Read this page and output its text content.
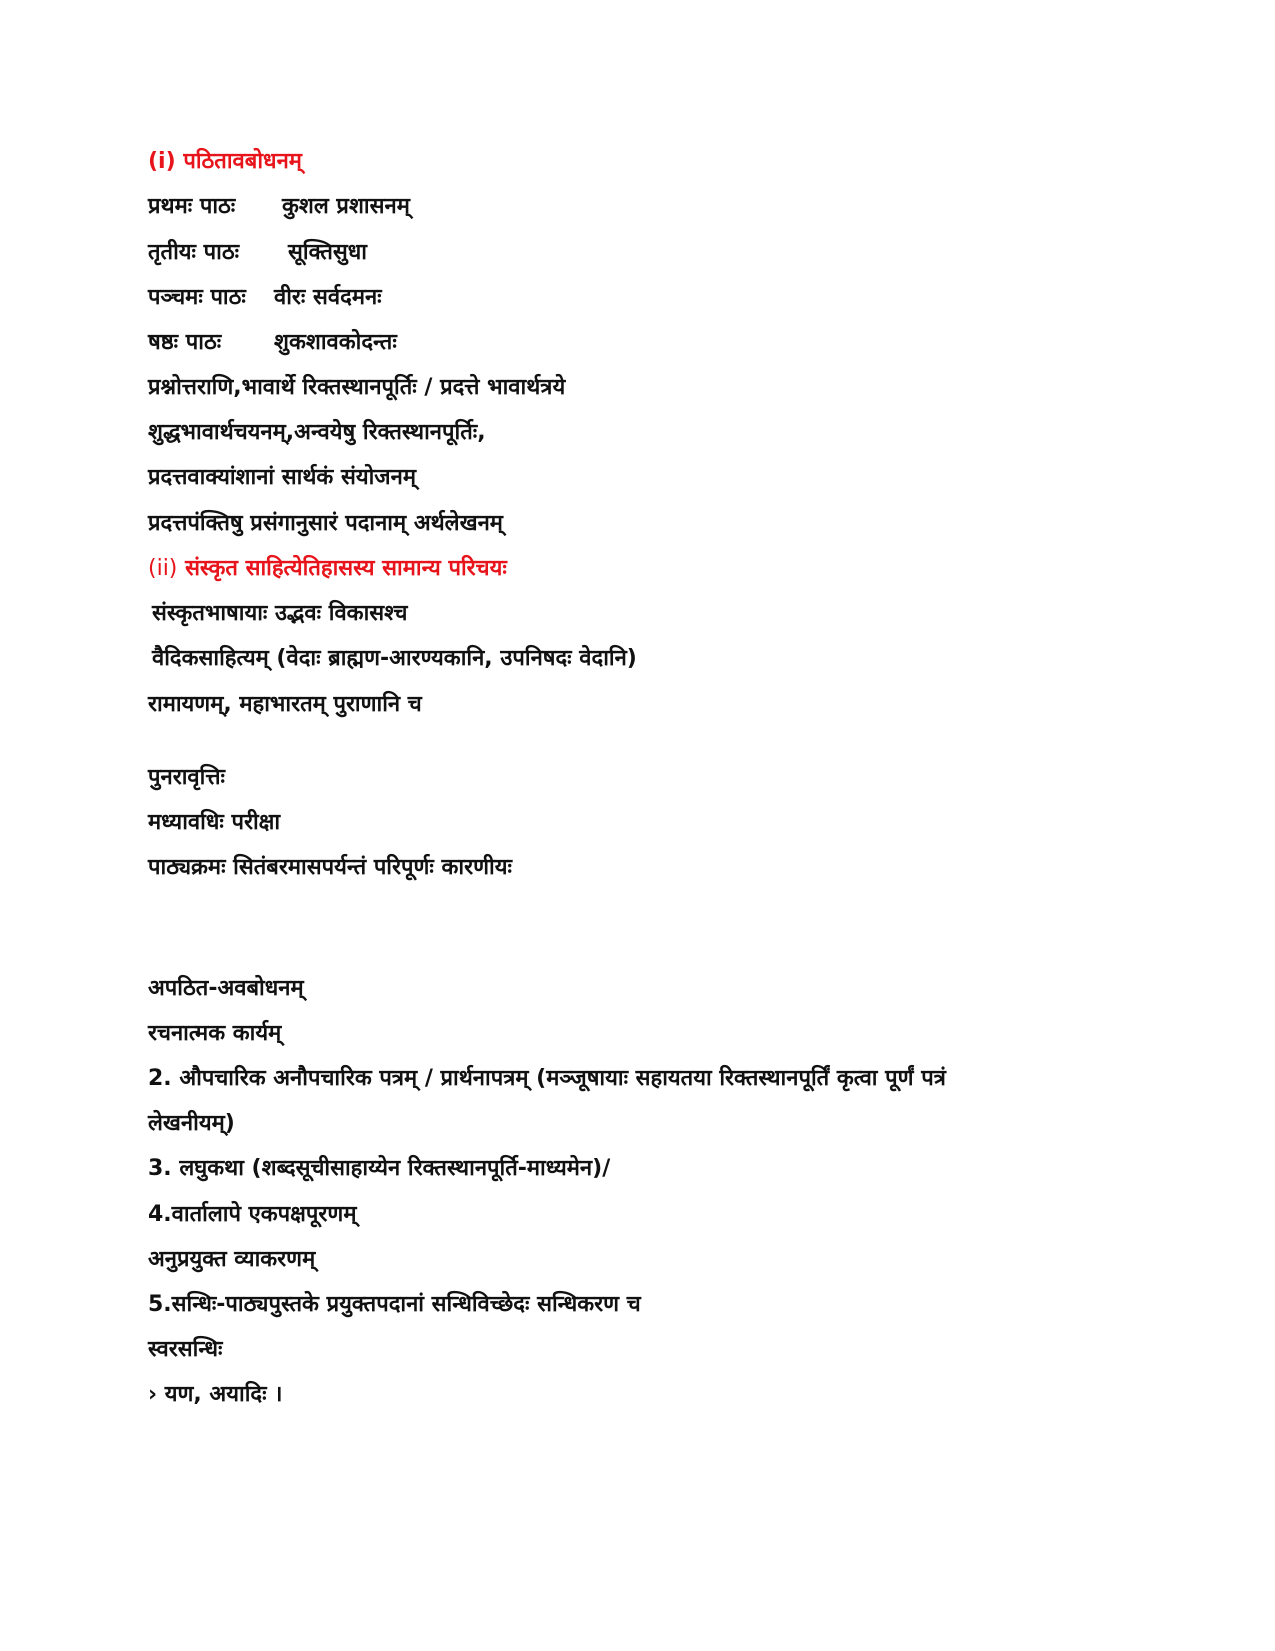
(i) पठितावबोधनम्
प्रथमः पाठः कुशल प्रशासनम्
तृतीयः पाठः सूक्तिसुधा
पञ्चमः पाठः वीरः सर्वदमनः
षष्ठः पाठः शुकशावकोदन्तः
प्रश्नोत्तराणि,भावार्थे रिक्तस्थानपूर्तिः / प्रदत्ते भावार्थत्रये
शुद्धभावार्थचयनम्,अन्वयेषु रिक्तस्थानपूर्तिः,
प्रदत्तवाक्यांशानां सार्थकं संयोजनम्
प्रदत्तपंक्तिषु प्रसंगानुसारं पदानाम् अर्थलेखनम्
(ii) संस्कृत साहित्येतिहासस्य सामान्य परिचयः
संस्कृतभाषायाः उद्भवः विकासश्च
वैदिकसाहित्यम् (वेदाः ब्राह्मण-आरण्यकानि, उपनिषदः वेदानि)
रामायणम्, महाभारतम् पुराणानि च
पुनरावृत्तिः
मध्यावधिः परीक्षा
पाठ्यक्रमः सितंबरमासपर्यन्तं परिपूर्णः कारणीयः
अपठित-अवबोधनम्
रचनात्मक कार्यम्
2. औपचारिक अनौपचारिक पत्रम् / प्रार्थनापत्रम् (मञ्जूषायाः सहायतया रिक्तस्थानपूर्तिं कृत्वा पूर्णं पत्रं
लेखनीयम्)
3. लघुकथा (शब्दसूचीसाहाय्येन रिक्तस्थानपूर्ति-माध्यमेन)/
4.वार्तालापे एकपक्षपूरणम्
अनुप्रयुक्त व्याकरणम्
5.सन्धिः-पाठ्यपुस्तके प्रयुक्तपदानां सन्धिविच्छेदः सन्धिकरण च
स्वरसन्धिः
› यण, अयादिः ।
